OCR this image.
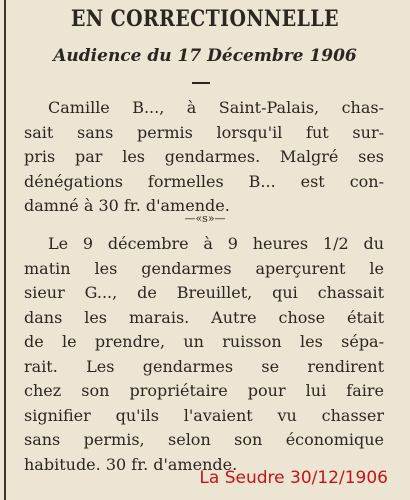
EN CORRECTIONNELLE
Audience du 17 Décembre 1906
Camille B..., à Saint-Palais, chas-
sait sans permis lorsqu'il fut sur-
pris par les gendarmes. Malgré ses
dénégations formelles B... est con-
damné à 30 fr. d'amende.
—«s»—
Le 9 décembre à 9 heures 1/2 du
matin les gendarmes aperçurent le
sieur G..., de Breuillet, qui chassait
dans les marais. Autre chose était
de le prendre, un ruisson les sépa-
rait. Les gendarmes se rendirent
chez son propriétaire pour lui faire
signifier qu'ils l'avaient vu chasser
sans permis, selon son économique
habitude. 30 fr. d'amende.
La Seudre 30/12/1906
